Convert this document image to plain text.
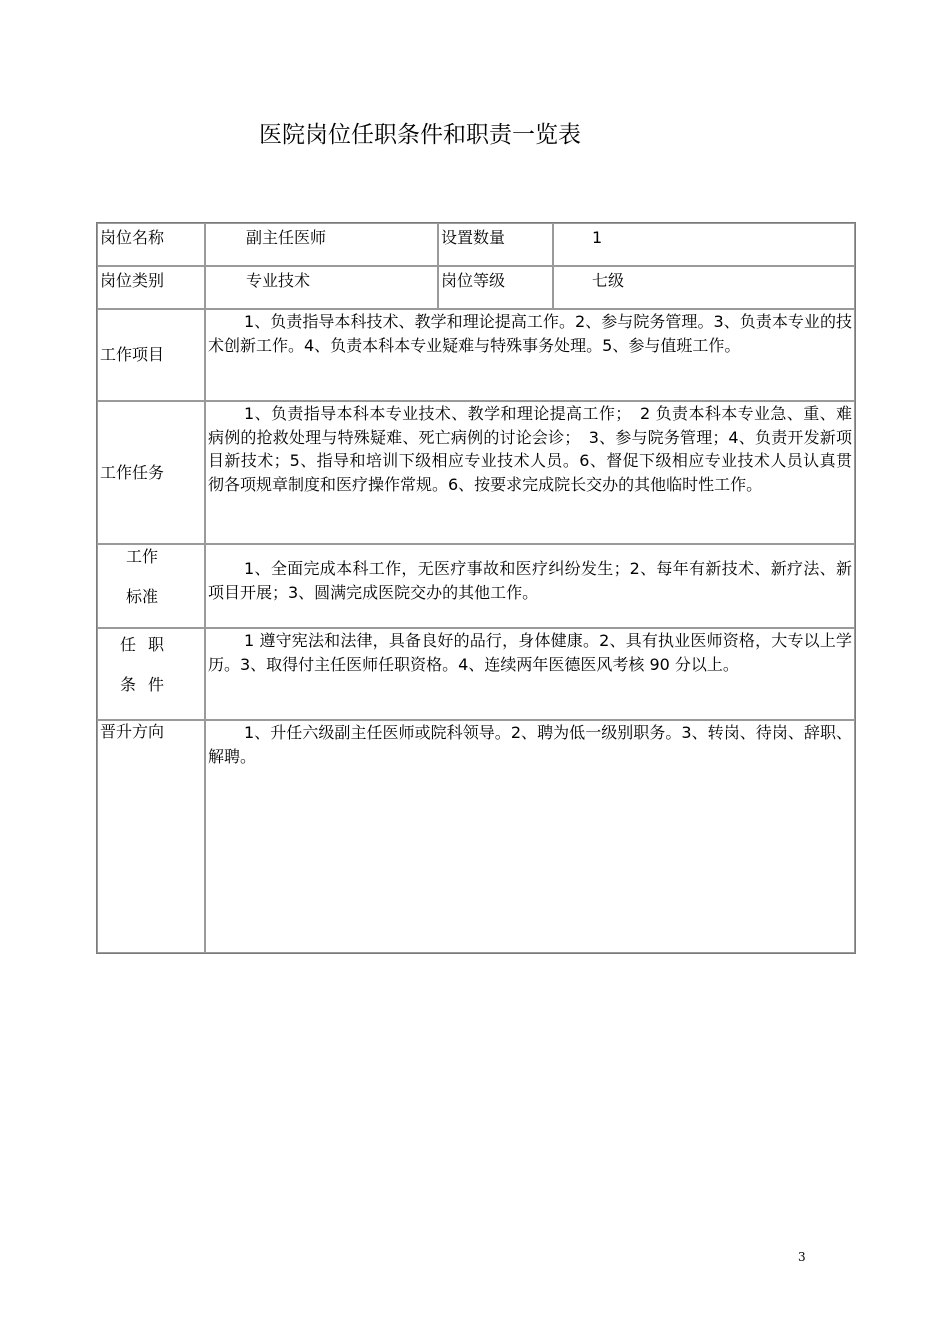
医院岗位任职条件和职责一览表
岗位名称	副主任医师	设置数量	1
岗位类别	专业技术	岗位等级	七级
工作项目	1、负责指导本科技术、教学和理论提高工作。2、参与院务管理。3、负责本专业的技术创新工作。4、负责本科本专业疑难与特殊事务处理。5、参与值班工作。		
工作任务	1、负责指导本科本专业技术、教学和理论提高工作；　2 负责本科本专业急、重、难病例的抢救处理与特殊疑难、死亡病例的讨论会诊；　3、参与院务管理；4、负责开发新项目新技术；5、指导和培训下级相应专业技术人员。6、督促下级相应专业技术人员认真贯彻各项规章制度和医疗操作常规。6、按要求完成院长交办的其他临时性工作。		

工作
标准	1、全面完成本科工作，无医疗事故和医疗纠纷发生；2、每年有新技术、新疗法、新项目开展；3、圆满完成医院交办的其他工作。		

任职
条件	1 遵守宪法和法律，具备良好的品行，身体健康。2、具有执业医师资格，大专以上学历。3、取得付主任医师任职资格。4、连续两年医德医风考核 90 分以上。		
晋升方向	1、升任六级副主任医师或院科领导。2、聘为低一级别职务。3、转岗、待岗、辞职、解聘。		
3
